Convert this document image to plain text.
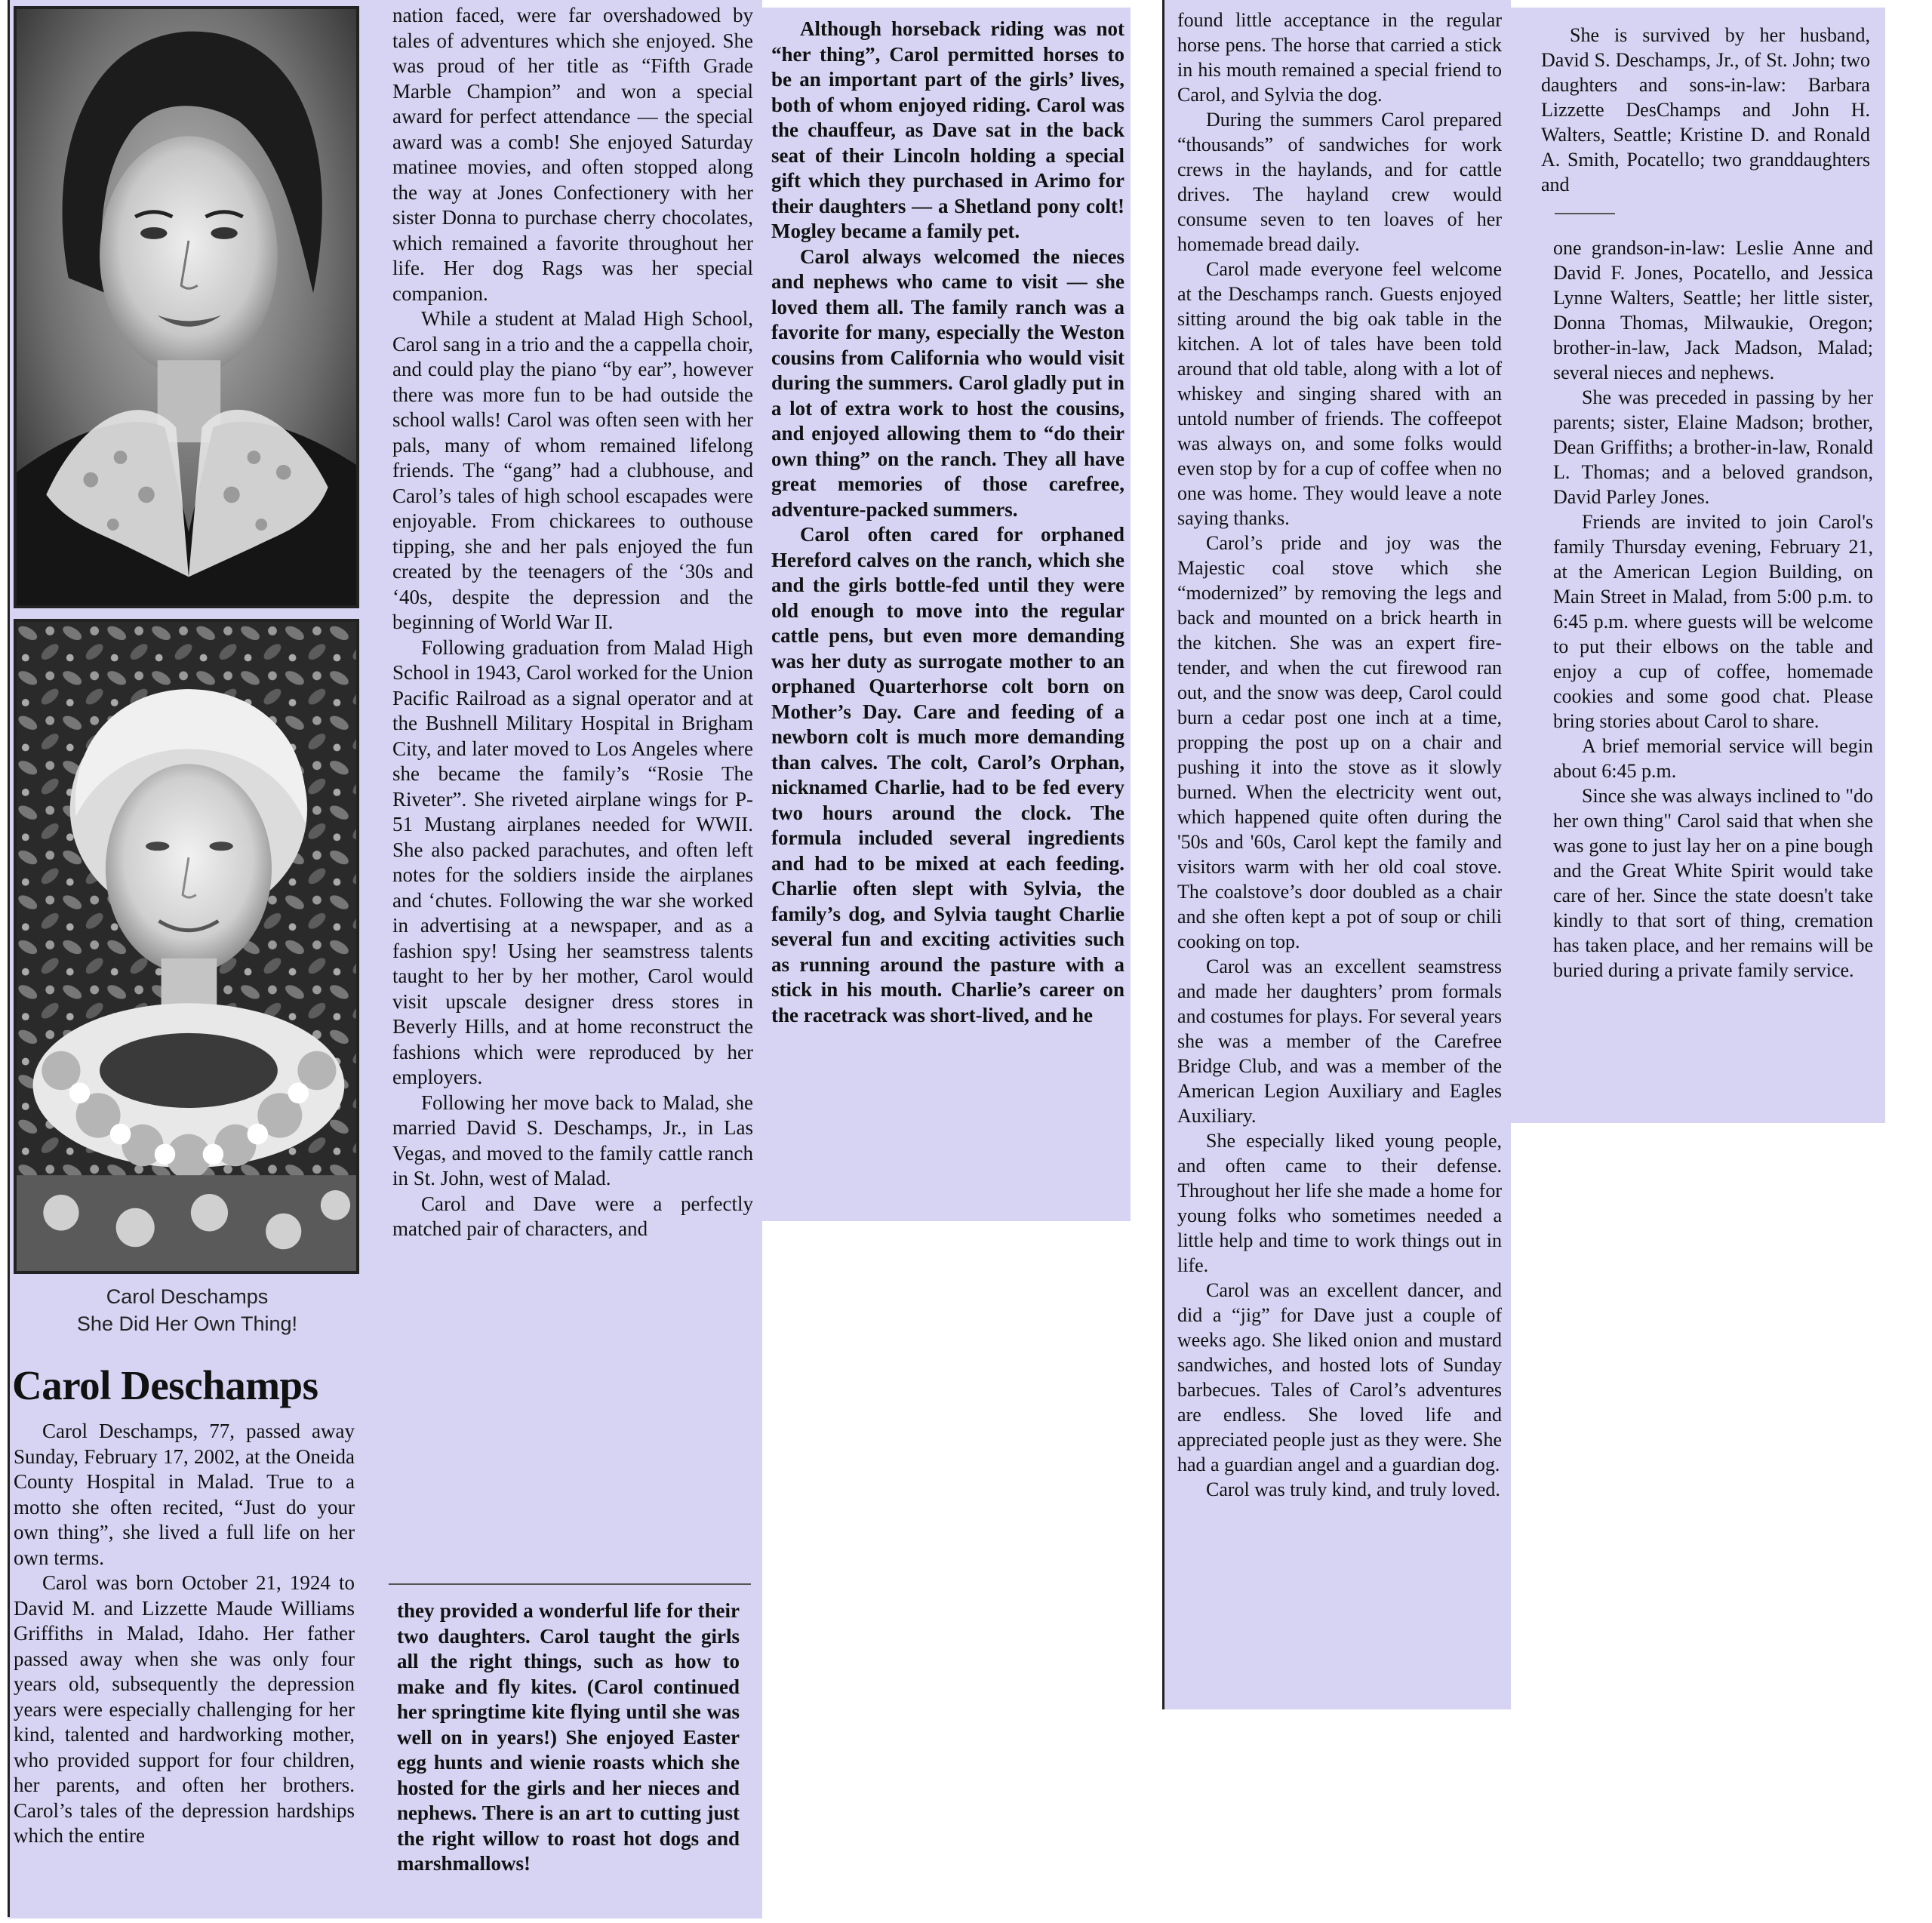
Carol Deschamps
She Did Her Own Thing!
Carol Deschamps

Carol Deschamps, 77, passed away Sunday, February 17, 2002, at the Oneida County Hospital in Malad. True to a motto she often recited, “Just do your own thing”, she lived a full life on her own terms.

Carol was born October 21, 1924 to David M. and Lizzette Maude Williams Griffiths in Malad, Idaho. Her father passed away when she was only four years old, subsequently the depression years were especially challenging for her kind, talented and hardworking mother, who provided support for four children, her parents, and often her brothers. Carol’s tales of the depression hardships which the entire

nation faced, were far overshadowed by tales of adventures which she enjoyed. She was proud of her title as “Fifth Grade Marble Champion” and won a special award for perfect attendance — the special award was a comb! She enjoyed Saturday matinee movies, and often stopped along the way at Jones Confectionery with her sister Donna to purchase cherry chocolates, which remained a favorite throughout her life. Her dog Rags was her special companion.

While a student at Malad High School, Carol sang in a trio and the a cappella choir, and could play the piano “by ear”, however there was more fun to be had outside the school walls! Carol was often seen with her pals, many of whom remained lifelong friends. The “gang” had a clubhouse, and Carol’s tales of high school escapades were enjoyable. From chickarees to outhouse tipping, she and her pals enjoyed the fun created by the teenagers of the ‘30s and ‘40s, despite the depression and the beginning of World War II.

Following graduation from Malad High School in 1943, Carol worked for the Union Pacific Railroad as a signal operator and at the Bushnell Military Hospital in Brigham City, and later moved to Los Angeles where she became the family’s “Rosie The Riveter”. She riveted airplane wings for P-51 Mustang airplanes needed for WWII. She also packed parachutes, and often left notes for the soldiers inside the airplanes and ‘chutes. Following the war she worked in advertising at a newspaper, and as a fashion spy! Using her seamstress talents taught to her by her mother, Carol would visit upscale designer dress stores in Beverly Hills, and at home reconstruct the fashions which were reproduced by her employers.

Following her move back to Malad, she married David S. Deschamps, Jr., in Las Vegas, and moved to the family cattle ranch in St. John, west of Malad.

Carol and Dave were a perfectly matched pair of characters, and

they provided a wonderful life for their two daughters. Carol taught the girls all the right things, such as how to make and fly kites. (Carol continued her springtime kite flying until she was well on in years!) She enjoyed Easter egg hunts and wienie roasts which she hosted for the girls and her nieces and nephews. There is an art to cutting just the right willow to roast hot dogs and marshmallows!

Although horseback riding was not “her thing”, Carol permitted horses to be an important part of the girls’ lives, both of whom enjoyed riding. Carol was the chauffeur, as Dave sat in the back seat of their Lincoln holding a special gift which they purchased in Arimo for their daughters — a Shetland pony colt! Mogley became a family pet.

Carol always welcomed the nieces and nephews who came to visit — she loved them all. The family ranch was a favorite for many, especially the Weston cousins from California who would visit during the summers. Carol gladly put in a lot of extra work to host the cousins, and enjoyed allowing them to “do their own thing” on the ranch. They all have great memories of those carefree, adventure-packed summers.

Carol often cared for orphaned Hereford calves on the ranch, which she and the girls bottle-fed until they were old enough to move into the regular cattle pens, but even more demanding was her duty as surrogate mother to an orphaned Quarterhorse colt born on Mother’s Day. Care and feeding of a newborn colt is much more demanding than calves. The colt, Carol’s Orphan, nicknamed Charlie, had to be fed every two hours around the clock. The formula included several ingredients and had to be mixed at each feeding. Charlie often slept with Sylvia, the family’s dog, and Sylvia taught Charlie several fun and exciting activities such as running around the pasture with a stick in his mouth. Charlie’s career on the racetrack was short-lived, and he

found little acceptance in the regular horse pens. The horse that carried a stick in his mouth remained a special friend to Carol, and Sylvia the dog.

During the summers Carol prepared “thousands” of sandwiches for work crews in the haylands, and for cattle drives. The hayland crew would consume seven to ten loaves of her homemade bread daily.

Carol made everyone feel welcome at the Deschamps ranch. Guests enjoyed sitting around the big oak table in the kitchen. A lot of tales have been told around that old table, along with a lot of whiskey and singing shared with an untold number of friends. The coffeepot was always on, and some folks would even stop by for a cup of coffee when no one was home. They would leave a note saying thanks.

Carol’s pride and joy was the Majestic coal stove which she “modernized” by removing the legs and back and mounted on a brick hearth in the kitchen. She was an expert fire-tender, and when the cut firewood ran out, and the snow was deep, Carol could burn a cedar post one inch at a time, propping the post up on a chair and pushing it into the stove as it slowly burned. When the electricity went out, which happened quite often during the '50s and '60s, Carol kept the family and visitors warm with her old coal stove. The coalstove’s door doubled as a chair and she often kept a pot of soup or chili cooking on top.

Carol was an excellent seamstress and made her daughters’ prom formals and costumes for plays. For several years she was a member of the Carefree Bridge Club, and was a member of the American Legion Auxiliary and Eagles Auxiliary.

She especially liked young people, and often came to their defense. Throughout her life she made a home for young folks who sometimes needed a little help and time to work things out in life.

Carol was an excellent dancer, and did a “jig” for Dave just a couple of weeks ago. She liked onion and mustard sandwiches, and hosted lots of Sunday barbecues. Tales of Carol’s adventures are endless. She loved life and appreciated people just as they were. She had a guardian angel and a guardian dog.

Carol was truly kind, and truly loved.

She is survived by her husband, David S. Deschamps, Jr., of St. John; two daughters and sons-in-law: Barbara Lizzette DesChamps and John H. Walters, Seattle; Kristine D. and Ronald A. Smith, Pocatello; two granddaughters and

one grandson-in-law: Leslie Anne and David F. Jones, Pocatello, and Jessica Lynne Walters, Seattle; her little sister, Donna Thomas, Milwaukie, Oregon; brother-in-law, Jack Madson, Malad; several nieces and nephews.

She was preceded in passing by her parents; sister, Elaine Madson; brother, Dean Griffiths; a brother-in-law, Ronald L. Thomas; and a beloved grandson, David Parley Jones.

Friends are invited to join Carol's family Thursday evening, February 21, at the American Legion Building, on Main Street in Malad, from 5:00 p.m. to 6:45 p.m. where guests will be welcome to put their elbows on the table and enjoy a cup of coffee, homemade cookies and some good chat. Please bring stories about Carol to share.

A brief memorial service will begin about 6:45 p.m.

Since she was always inclined to "do her own thing" Carol said that when she was gone to just lay her on a pine bough and the Great White Spirit would take care of her. Since the state doesn't take kindly to that sort of thing, cremation has taken place, and her remains will be buried during a private family service.
